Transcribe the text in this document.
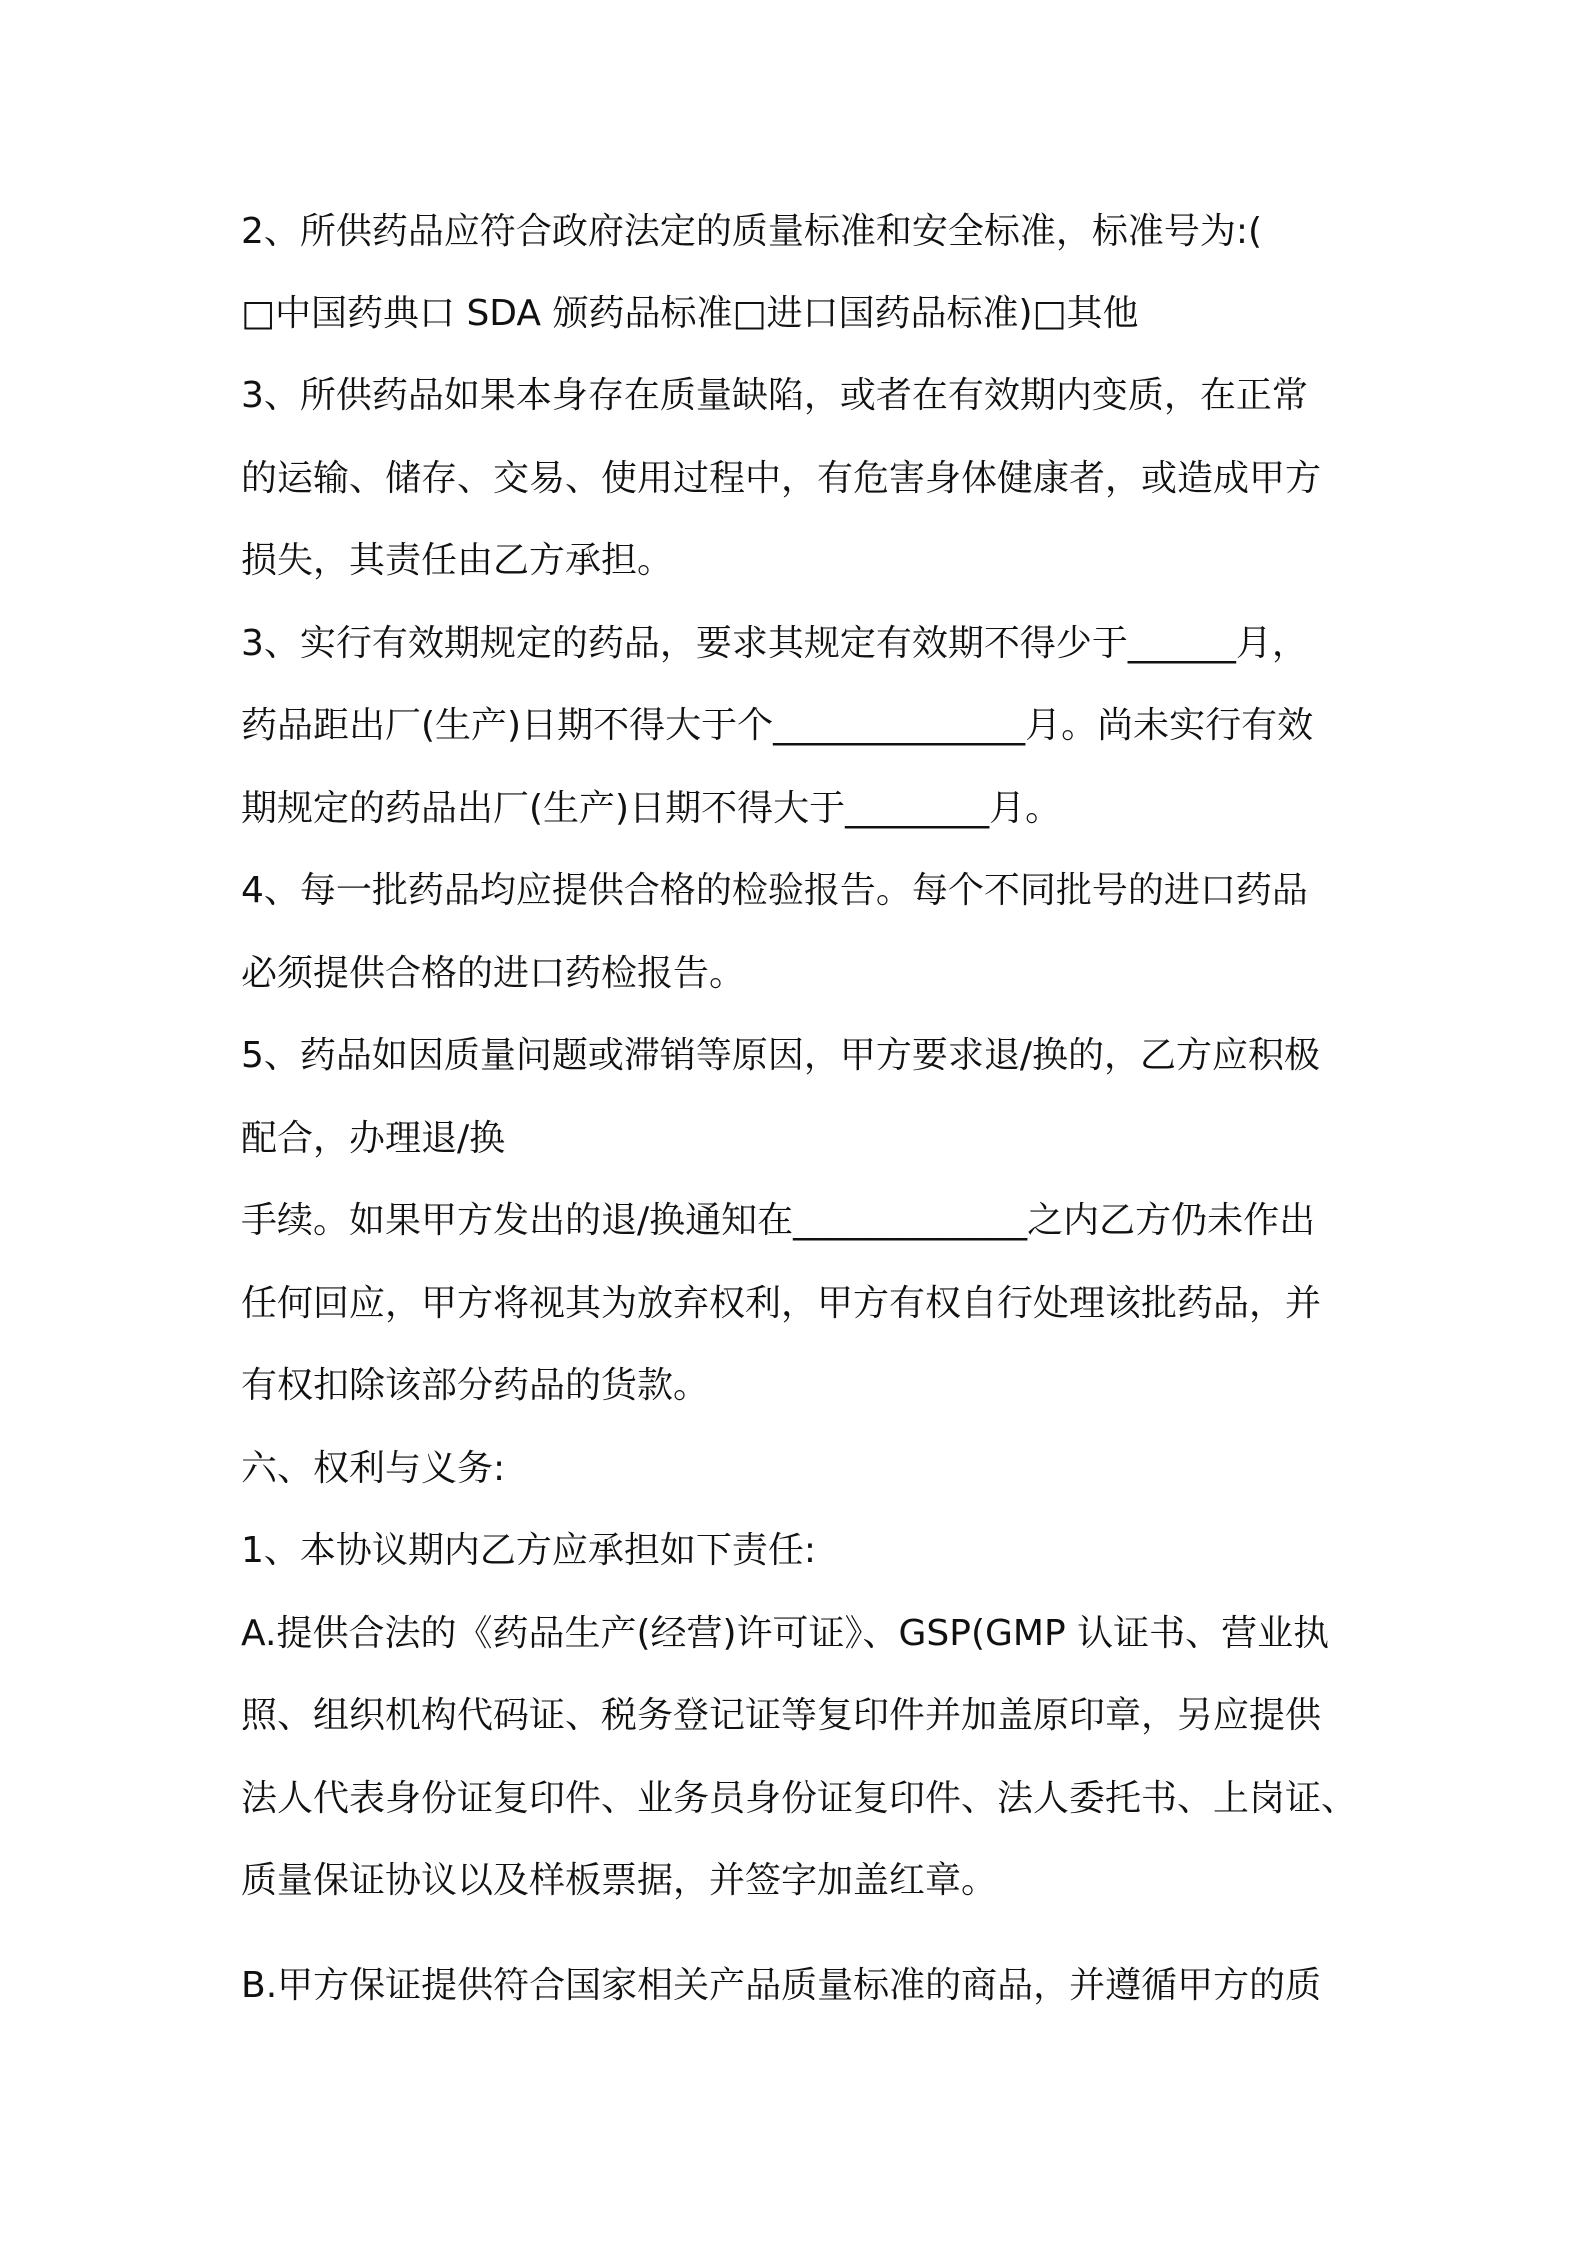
2、所供药品应符合政府法定的质量标准和安全标准，标准号为:(
□中国药典口 SDA 颁药品标准□进口国药品标准)□其他
3、所供药品如果本身存在质量缺陷，或者在有效期内变质，在正常
的运输、储存、交易、使用过程中，有危害身体健康者，或造成甲方
损失，其责任由乙方承担。
3、实行有效期规定的药品，要求其规定有效期不得少于______月，
药品距出厂(生产)日期不得大于个______________月。尚未实行有效
期规定的药品出厂(生产)日期不得大于________月。
4、每一批药品均应提供合格的检验报告。每个不同批号的进口药品
必须提供合格的进口药检报告。
5、药品如因质量问题或滞销等原因，甲方要求退/换的，乙方应积极
配合，办理退/换
手续。如果甲方发出的退/换通知在_____________之内乙方仍未作出
任何回应，甲方将视其为放弃权利，甲方有权自行处理该批药品，并
有权扣除该部分药品的货款。
六、权利与义务:
1、本协议期内乙方应承担如下责任:
A.提供合法的《药品生产(经营)许可证》、GSP(GMP 认证书、营业执
照、组织机构代码证、税务登记证等复印件并加盖原印章，另应提供
法人代表身份证复印件、业务员身份证复印件、法人委托书、上岗证、
质量保证协议以及样板票据，并签字加盖红章。
B.甲方保证提供符合国家相关产品质量标准的商品，并遵循甲方的质
